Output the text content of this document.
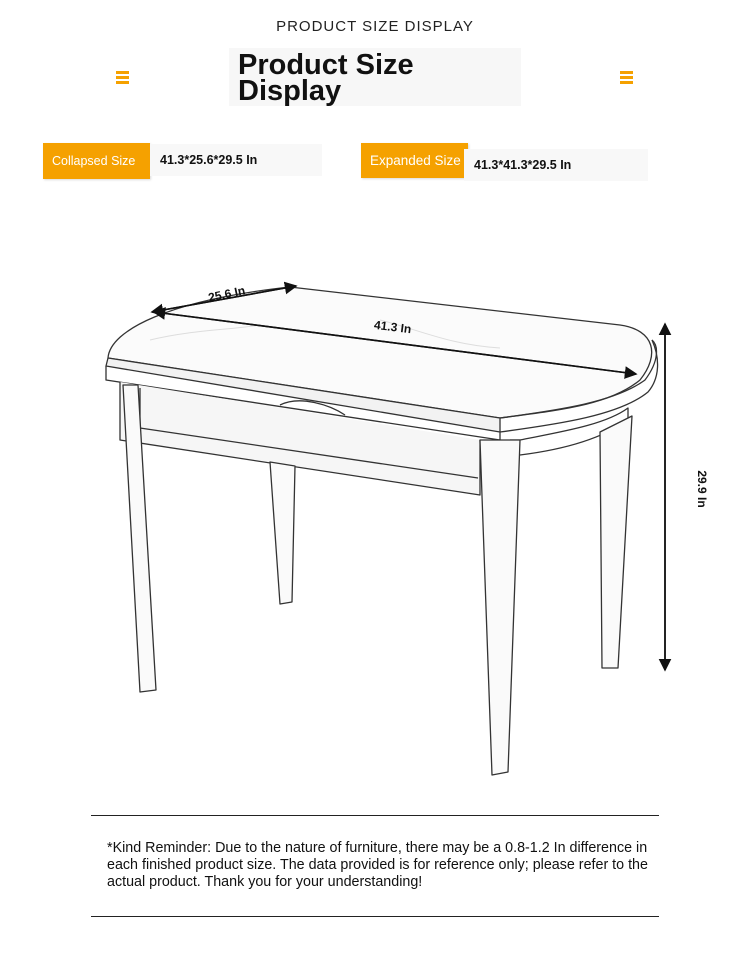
PRODUCT SIZE DISPLAY
Product Size
Display
Collapsed Size	41.3*25.6*29.5 In	Expanded Size	41.3*41.3*29.5 In
25.6 In
41.3 In
29.9 In
*Kind Reminder: Due to the nature of furniture, there may be a 0.8-1.2 In difference in each finished product size. The data provided is for reference only; please refer to the actual product. Thank you for your understanding!
